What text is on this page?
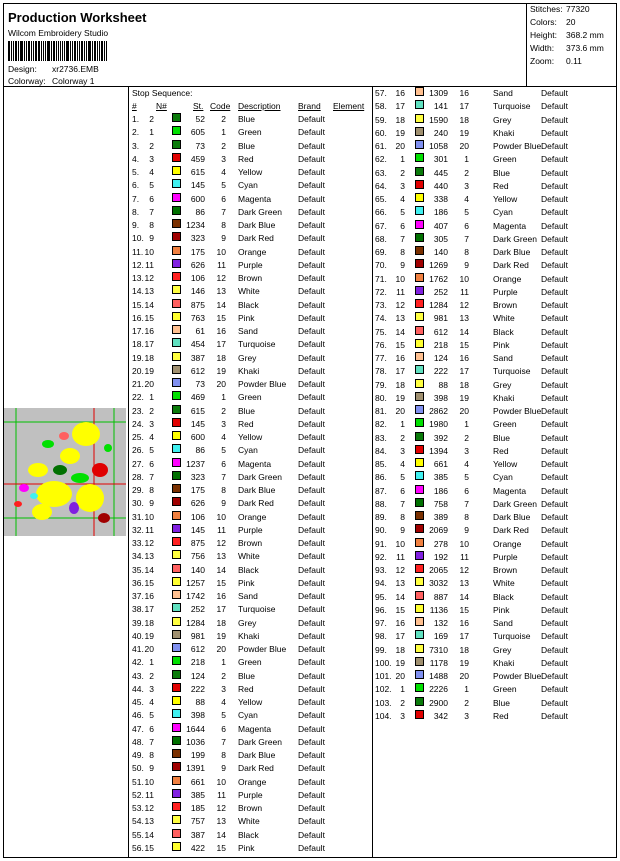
Production Worksheet
Wilcom Embroidery Studio
Design: xr2736.EMB
Colorway: Colorway 1
Stitches: 77320
Colors: 20
Height: 368.2 mm
Width: 373.6 mm
Zoom: 0.11
Stop Sequence:
# N#	St. Code Description Brand Element
1.	2	52	2 Blue	Default
2.	1	605	1 Green	Default
3.	2	73	2 Blue	Default
4.	3	459	3 Red	Default
5.	4	615	4 Yellow	Default
6.	5	145	5 Cyan	Default
7.	6	600	6 Magenta	Default
8.	7	86	7 Dark Green Default
9.	8	1234	8 Dark Blue	Default
10. 9	323	9 Dark Red	Default
11. 10	175	10 Orange	Default
12. 11	626	11 Purple	Default
13. 12	106	12 Brown	Default
14. 13	146	13 White	Default
15. 14	875	14 Black	Default
16. 15	763	15 Pink	Default
17. 16	61	16 Sand	Default
18. 17	454	17 Turquoise	Default
19. 18	387	18 Grey	Default
20. 19	612	19 Khaki	Default
21. 20	73	20 Powder Blue Default
22. 1	469	1 Green	Default
23. 2	615	2 Blue	Default
24. 3	145	3 Red	Default
25. 4	600	4 Yellow	Default
26. 5	86	5 Cyan	Default
27. 6	1237	6 Magenta	Default
28. 7	323	7 Dark Green Default
29. 8	175	8 Dark Blue	Default
30. 9	626	9 Dark Red	Default
31. 10	106	10 Orange	Default
32. 11	145	11 Purple	Default
33. 12	875	12 Brown	Default
34. 13	756	13 White	Default
35. 14	140	14 Black	Default
36. 15	1257	15 Pink	Default
37. 16	1742	16 Sand	Default
38. 17	252	17 Turquoise	Default
39. 18	1284	18 Grey	Default
40. 19	981	19 Khaki	Default
41. 20	612	20 Powder Blue Default
42. 1	218	1 Green	Default
43. 2	124	2 Blue	Default
44. 3	222	3 Red	Default
45. 4	88	4 Yellow	Default
46. 5	398	5 Cyan	Default
47. 6	1644	6 Magenta	Default
48. 7	1036	7 Dark Green Default
49. 8	199	8 Dark Blue	Default
50. 9	1391	9 Dark Red	Default
51. 10	661	10 Orange	Default
52. 11	385	11 Purple	Default
53. 12	185	12 Brown	Default
54. 13	757	13 White	Default
55. 14	387	14 Black	Default
56. 15	422	15 Pink	Default
57.	16	1309	16	Sand	Default
58.	17	141	17	Turquoise Default
59.	18	1590	18	Grey	Default
60.	19	240	19	Khaki	Default
61.	20	1058	20	Powder Blue Default
62.	1	301	1	Green	Default
63.	2	445	2	Blue	Default
64.	3	440	3	Red	Default
65.	4	338	4	Yellow	Default
66.	5	186	5	Cyan	Default
67.	6	407	6	Magenta Default
68.	7	305	7	Dark Green Default
69.	8	140	8	Dark Blue Default
70.	9	1269	9	Dark Red Default
71.	10	1762	10	Orange Default
72.	11	252	11	Purple	Default
73.	12	1284	12	Brown	Default
74.	13	981	13	White	Default
75.	14	612	14	Black	Default
76.	15	218	15	Pink	Default
77.	16	124	16	Sand	Default
78.	17	222	17	Turquoise Default
79.	18	88	18	Grey	Default
80.	19	398	19	Khaki	Default
81.	20	2862	20	Powder Blue Default
82.	1	1980	1	Green	Default
83.	2	392	2	Blue	Default
84.	3	1394	3	Red	Default
85.	4	661	4	Yellow	Default
86.	5	385	5	Cyan	Default
87.	6	186	6	Magenta Default
88.	7	758	7	Dark Green Default
89.	8	389	8	Dark Blue Default
90.	9	2069	9	Dark Red Default
91.	10	278	10	Orange Default
92.	11	192	11	Purple	Default
93.	12	2065	12	Brown	Default
94.	13	3032	13	White	Default
95.	14	887	14	Black	Default
96.	15	1136	15	Pink	Default
97.	16	132	16	Sand	Default
98.	17	169	17	Turquoise Default
99.	18	7310	18	Grey	Default
100. 19	1178	19	Khaki	Default
101. 20	1488	20	Powder Blue Default
102.	1	2226	1	Green	Default
103.	2	2900	2	Blue	Default
104.	3	342	3	Red	Default
